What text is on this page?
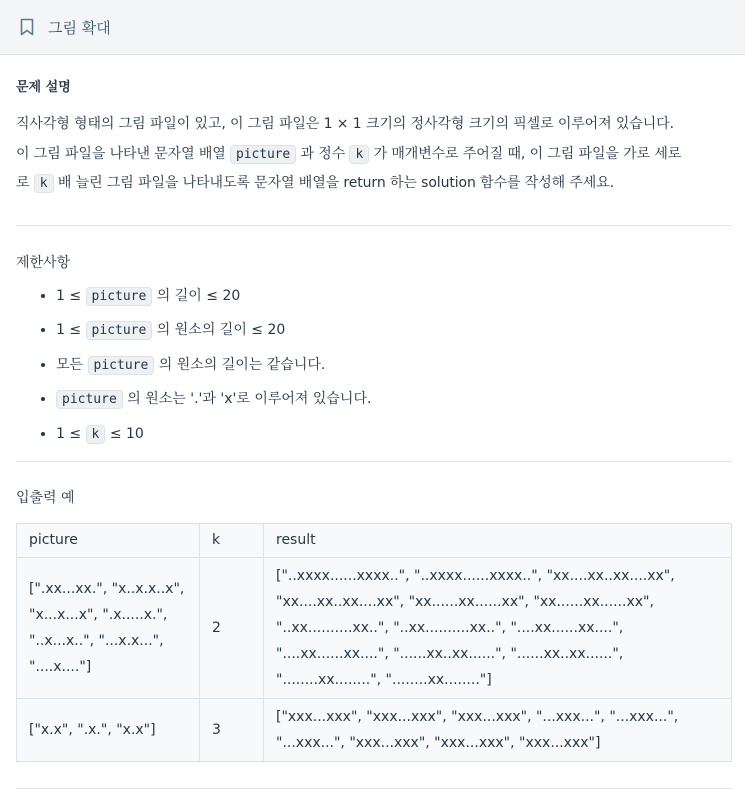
그림 확대
문제 설명

직사각형 형태의 그림 파일이 있고, 이 그림 파일은 1 × 1 크기의 정사각형 크기의 픽셀로 이루어져 있습니다.
이 그림 파일을 나타낸 문자열 배열 picture 과 정수 k 가 매개변수로 주어질 때, 이 그림 파일을 가로 세로
로 k 배 늘린 그림 파일을 나타내도록 문자열 배열을 return 하는 solution 함수를 작성해 주세요.

제한사항
• 1 ≤ picture 의 길이 ≤ 20
• 1 ≤ picture 의 원소의 길이 ≤ 20
• 모든 picture 의 원소의 길이는 같습니다.
• picture 의 원소는 '.'과 'x'로 이루어져 있습니다.
• 1 ≤ k ≤ 10
입출력 예
picture	k	result
[".xx...xx.", "x..x.x..x", "x...x...x", ".x.....x.", "..x...x..", "...x.x...", "....x...."]	2	["..xxxx......xxxx..", "..xxxx......xxxx..", "xx....xx..xx....xx", "xx....xx..xx....xx", "xx......xx......xx", "xx......xx......xx", "..xx..........xx..", "..xx..........xx..", "....xx......xx....", "....xx......xx....", "......xx..xx......", "......xx..xx......", "........xx........", "........xx........"]
["x.x", ".x.", "x.x"]	3	["xxx...xxx", "xxx...xxx", "xxx...xxx", "...xxx...", "...xxx...", "...xxx...", "xxx...xxx", "xxx...xxx", "xxx...xxx"]
